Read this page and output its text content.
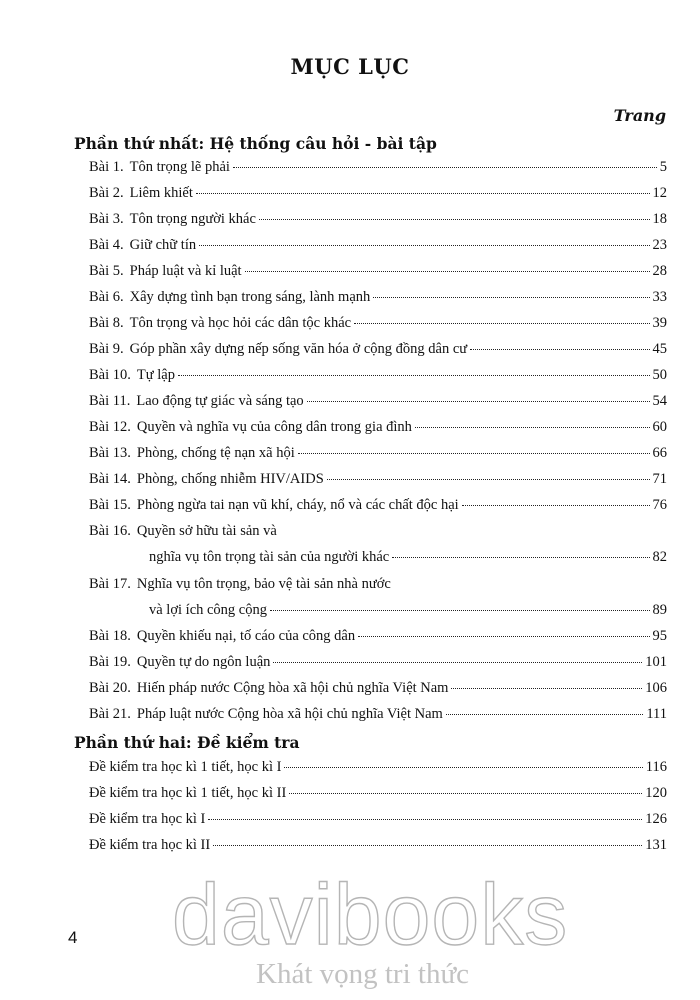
MỤC LỤC
Trang
Phần thứ nhất: Hệ thống câu hỏi - bài tập
Bài 1. Tôn trọng lẽ phải	5
Bài 2. Liêm khiết	12
Bài 3. Tôn trọng người khác	18
Bài 4. Giữ chữ tín	23
Bài 5. Pháp luật và kỉ luật	28
Bài 6. Xây dựng tình bạn trong sáng, lành mạnh	33
Bài 8. Tôn trọng và học hỏi các dân tộc khác	39
Bài 9. Góp phần xây dựng nếp sống văn hóa ở cộng đồng dân cư	45
Bài 10. Tự lập	50
Bài 11. Lao động tự giác và sáng tạo	54
Bài 12. Quyền và nghĩa vụ của công dân trong gia đình	60
Bài 13. Phòng, chống tệ nạn xã hội	66
Bài 14. Phòng, chống nhiễm HIV/AIDS	71
Bài 15. Phòng ngừa tai nạn vũ khí, cháy, nổ và các chất độc hại	76
Bài 16. Quyền sở hữu tài sản và
nghĩa vụ tôn trọng tài sản của người khác	82
Bài 17. Nghĩa vụ tôn trọng, bảo vệ tài sản nhà nước
và lợi ích công cộng	89
Bài 18. Quyền khiếu nại, tố cáo của công dân	95
Bài 19. Quyền tự do ngôn luận	101
Bài 20. Hiến pháp nước Cộng hòa xã hội chủ nghĩa Việt Nam	106
Bài 21. Pháp luật nước Cộng hòa xã hội chủ nghĩa Việt Nam	111
Phần thứ hai: Đề kiểm tra
Đề kiểm tra học kì 1 tiết, học kì I	116
Đề kiểm tra học kì 1 tiết, học kì II	120
Đề kiểm tra học kì I	126
Đề kiểm tra học kì II	131
davibooks
Khát vọng tri thức
4
